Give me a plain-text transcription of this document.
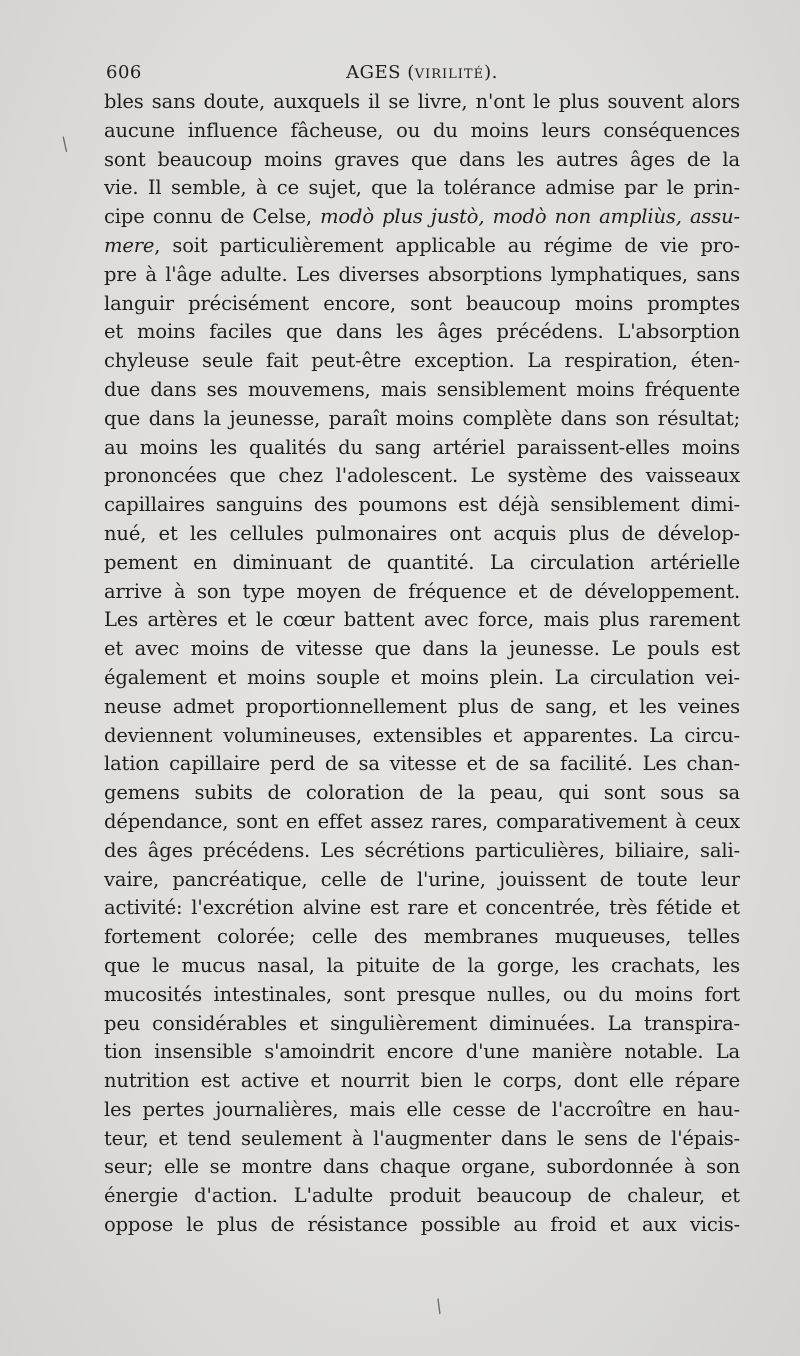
606	AGES (VIRILITÉ).
bles sans doute, auxquels il se livre, n'ont le plus souvent alors
aucune influence fâcheuse, ou du moins leurs conséquences
sont beaucoup moins graves que dans les autres âges de la
vie. Il semble, à ce sujet, que la tolérance admise par le prin-
cipe connu de Celse, modò plus justò, modò non ampliùs, assu-
mere, soit particulièrement applicable au régime de vie pro-
pre à l'âge adulte. Les diverses absorptions lymphatiques, sans
languir précisément encore, sont beaucoup moins promptes
et moins faciles que dans les âges précédens. L'absorption
chyleuse seule fait peut-être exception. La respiration, éten-
due dans ses mouvemens, mais sensiblement moins fréquente
que dans la jeunesse, paraît moins complète dans son résultat;
au moins les qualités du sang artériel paraissent-elles moins
prononcées que chez l'adolescent. Le système des vaisseaux
capillaires sanguins des poumons est déjà sensiblement dimi-
nué, et les cellules pulmonaires ont acquis plus de dévelop-
pement en diminuant de quantité. La circulation artérielle
arrive à son type moyen de fréquence et de développement.
Les artères et le cœur battent avec force, mais plus rarement
et avec moins de vitesse que dans la jeunesse. Le pouls est
également et moins souple et moins plein. La circulation vei-
neuse admet proportionnellement plus de sang, et les veines
deviennent volumineuses, extensibles et apparentes. La circu-
lation capillaire perd de sa vitesse et de sa facilité. Les chan-
gemens subits de coloration de la peau, qui sont sous sa
dépendance, sont en effet assez rares, comparativement à ceux
des âges précédens. Les sécrétions particulières, biliaire, sali-
vaire, pancréatique, celle de l'urine, jouissent de toute leur
activité: l'excrétion alvine est rare et concentrée, très fétide et
fortement colorée; celle des membranes muqueuses, telles
que le mucus nasal, la pituite de la gorge, les crachats, les
mucosités intestinales, sont presque nulles, ou du moins fort
peu considérables et singulièrement diminuées. La transpira-
tion insensible s'amoindrit encore d'une manière notable. La
nutrition est active et nourrit bien le corps, dont elle répare
les pertes journalières, mais elle cesse de l'accroître en hau-
teur, et tend seulement à l'augmenter dans le sens de l'épais-
seur; elle se montre dans chaque organe, subordonnée à son
énergie d'action. L'adulte produit beaucoup de chaleur, et
oppose le plus de résistance possible au froid et aux vicis-
/
/
